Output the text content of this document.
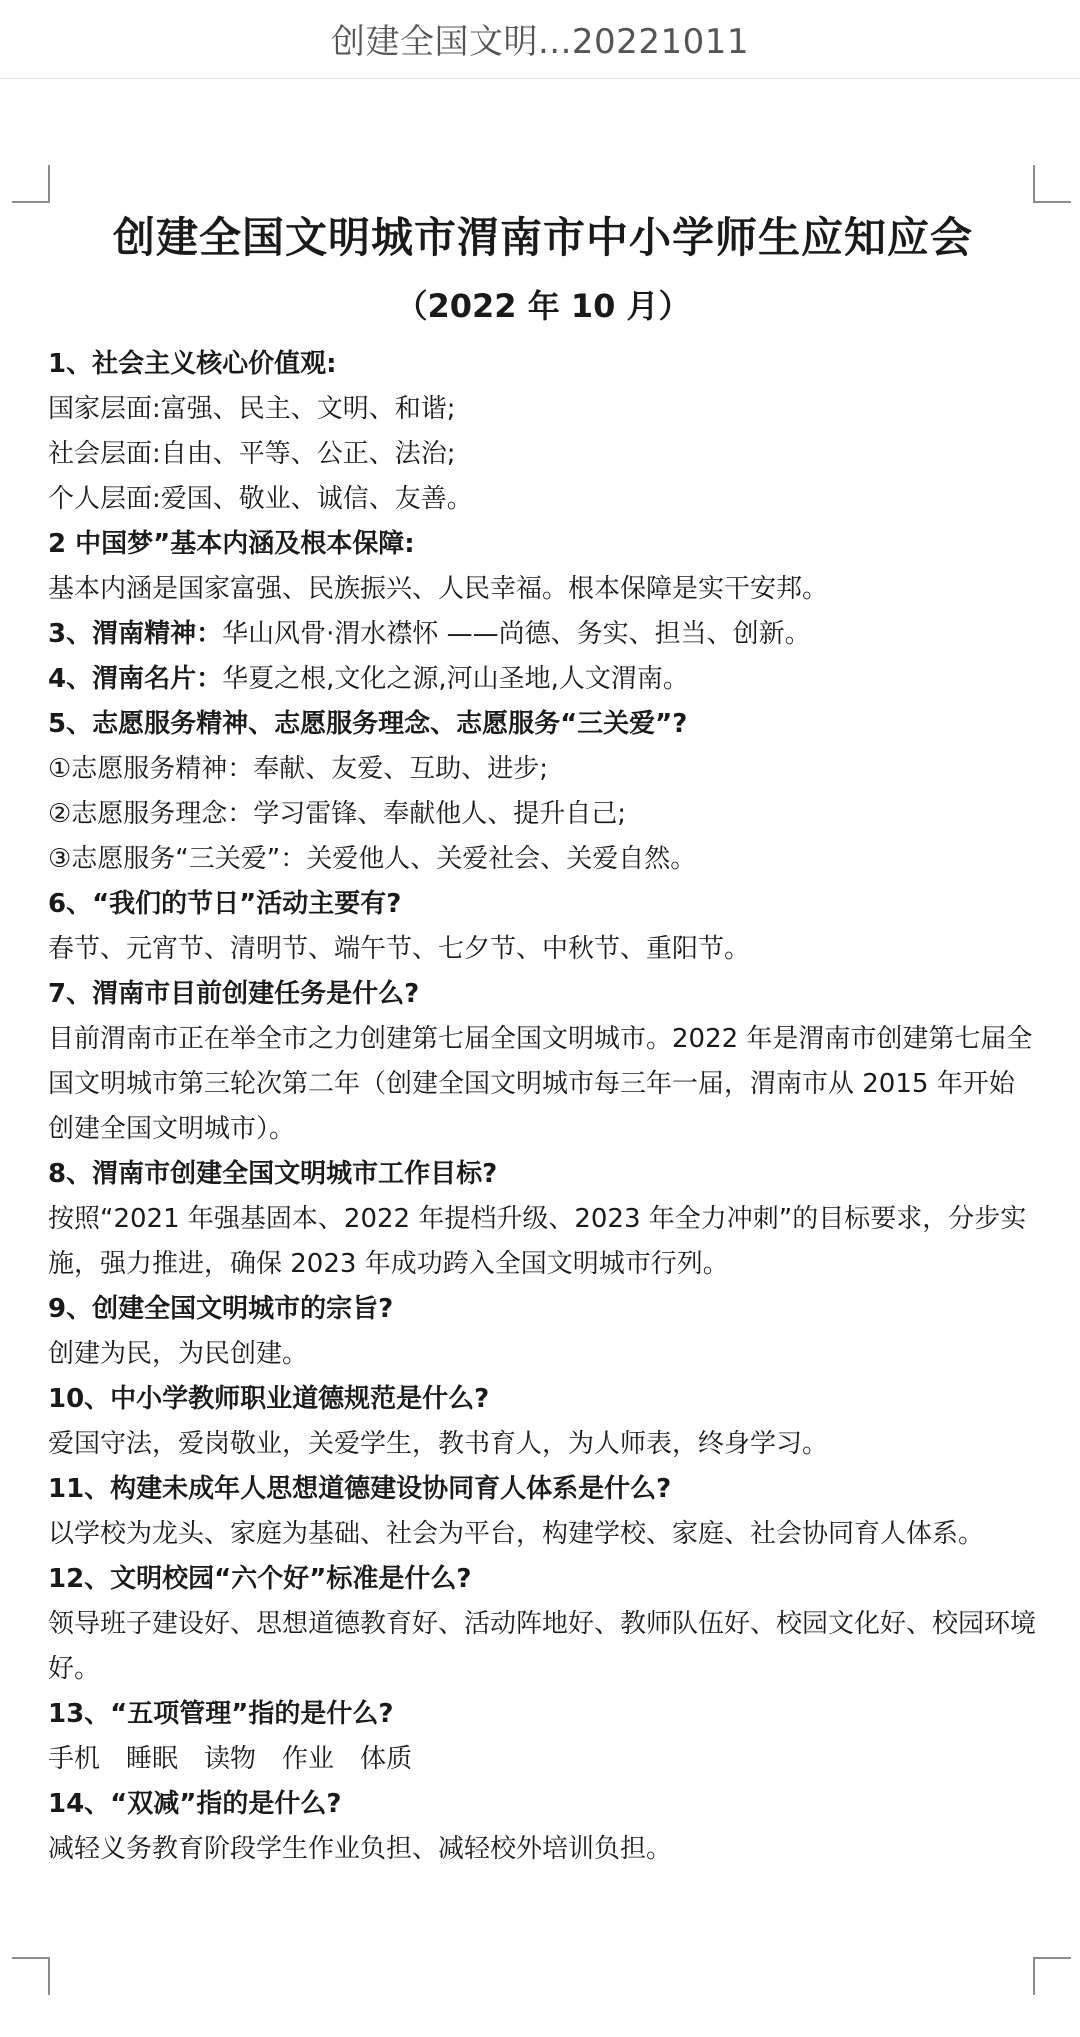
创建全国文明...20221011
创建全国文明城市渭南市中小学师生应知应会
（2022 年 10 月）

1、社会主义核心价值观:

国家层面:富强、民主、文明、和谐;

社会层面:自由、平等、公正、法治;

个人层面:爱国、敬业、诚信、友善。

2 中国梦”基本内涵及根本保障:

基本内涵是国家富强、民族振兴、人民幸福。根本保障是实干安邦。

3、渭南精神：华山风骨·渭水襟怀 ——尚德、务实、担当、创新。

4、渭南名片：华夏之根,文化之源,河山圣地,人文渭南。

5、志愿服务精神、志愿服务理念、志愿服务“三关爱”?

①志愿服务精神：奉献、友爱、互助、进步;

②志愿服务理念：学习雷锋、奉献他人、提升自己;

③志愿服务“三关爱”：关爱他人、关爱社会、关爱自然。

6、“我们的节日”活动主要有?

春节、元宵节、清明节、端午节、七夕节、中秋节、重阳节。

7、渭南市目前创建任务是什么?

目前渭南市正在举全市之力创建第七届全国文明城市。2022 年是渭南市创建第七届全国文明城市第三轮次第二年（创建全国文明城市每三年一届，渭南市从 2015 年开始创建全国文明城市）。

8、渭南市创建全国文明城市工作目标?

按照“2021 年强基固本、2022 年提档升级、2023 年全力冲刺”的目标要求，分步实施，强力推进，确保 2023 年成功跨入全国文明城市行列。

9、创建全国文明城市的宗旨?

创建为民，为民创建。

10、中小学教师职业道德规范是什么?

爱国守法，爱岗敬业，关爱学生，教书育人，为人师表，终身学习。

11、构建未成年人思想道德建设协同育人体系是什么?

以学校为龙头、家庭为基础、社会为平台，构建学校、家庭、社会协同育人体系。

12、文明校园“六个好”标准是什么?

领导班子建设好、思想道德教育好、活动阵地好、教师队伍好、校园文化好、校园环境好。

13、“五项管理”指的是什么?

手机 睡眠 读物 作业 体质

14、“双减”指的是什么?

减轻义务教育阶段学生作业负担、减轻校外培训负担。
